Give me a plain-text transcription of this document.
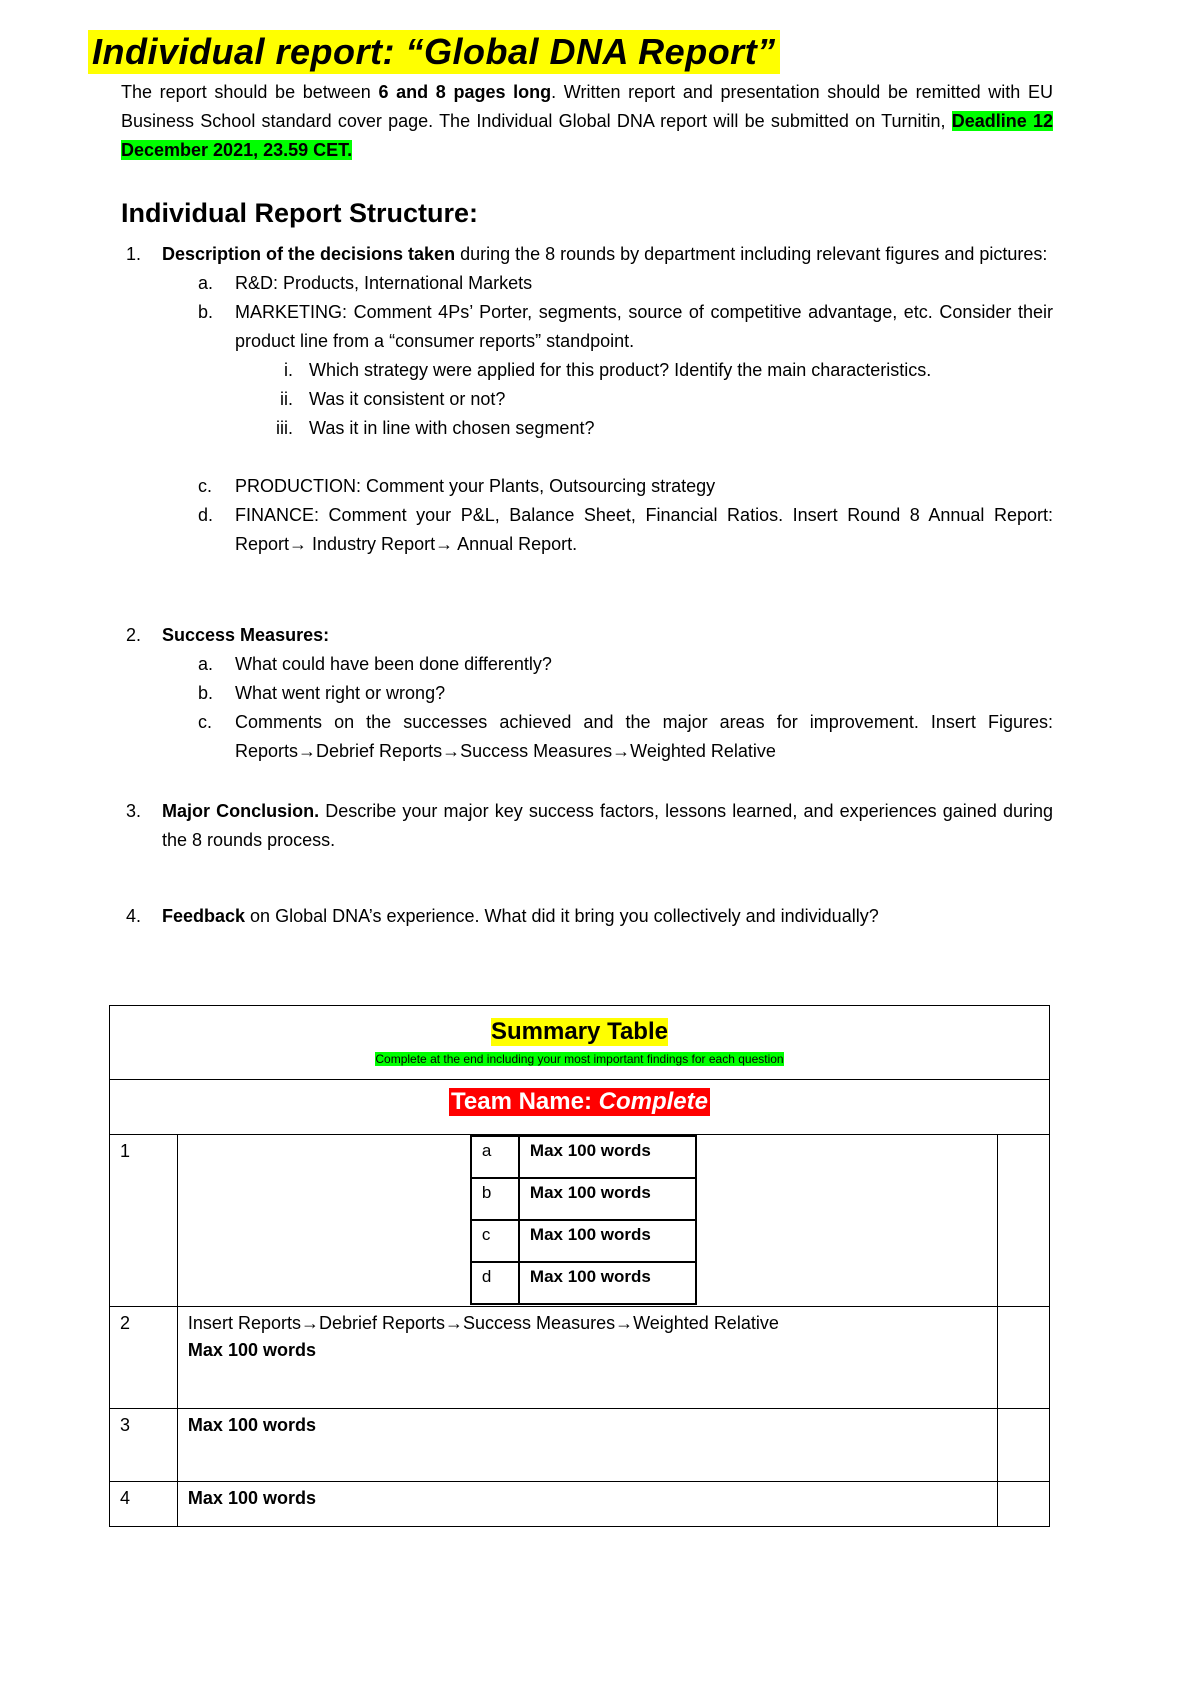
Individual report: “Global DNA Report”
The report should be between 6 and 8 pages long. Written report and presentation should be remitted with EU Business School standard cover page. The Individual Global DNA report will be submitted on Turnitin, Deadline 12 December 2021, 23.59 CET.
Individual Report Structure:
1. Description of the decisions taken during the 8 rounds by department including relevant figures and pictures:
a. R&D: Products, International Markets
b. MARKETING: Comment 4Ps’ Porter, segments, source of competitive advantage, etc. Consider their product line from a “consumer reports” standpoint.
i. Which strategy were applied for this product? Identify the main characteristics.
ii. Was it consistent or not?
iii. Was it in line with chosen segment?
c. PRODUCTION: Comment your Plants, Outsourcing strategy
d. FINANCE: Comment your P&L, Balance Sheet, Financial Ratios. Insert Round 8 Annual Report: Report→ Industry Report→ Annual Report.
2. Success Measures:
a. What could have been done differently?
b. What went right or wrong?
c. Comments on the successes achieved and the major areas for improvement. Insert Figures: Reports→Debrief Reports→Success Measures→Weighted Relative
3. Major Conclusion. Describe your major key success factors, lessons learned, and experiences gained during the 8 rounds process.
4. Feedback on Global DNA’s experience. What did it bring you collectively and individually?
Summary Table
Complete at the end including your most important findings for each question

Team Name: Complete
1		a	Max 100 words
b	Max 100 words
c	Max 100 words
d	Max 100 words

2	Insert Reports→Debrief Reports→Success Measures→Weighted Relative
Max 100 words

3	Max 100 words	
4	Max 100 words	
